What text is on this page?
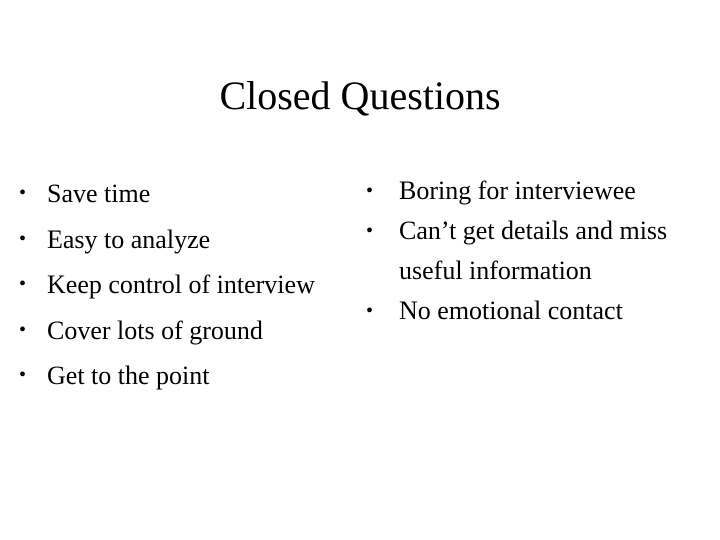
Closed Questions
• Save time
• Easy to analyze
• Keep control of interview
• Cover lots of ground
• Get to the point
• Boring for interviewee
• Can’t get details and miss useful information
• No emotional contact
